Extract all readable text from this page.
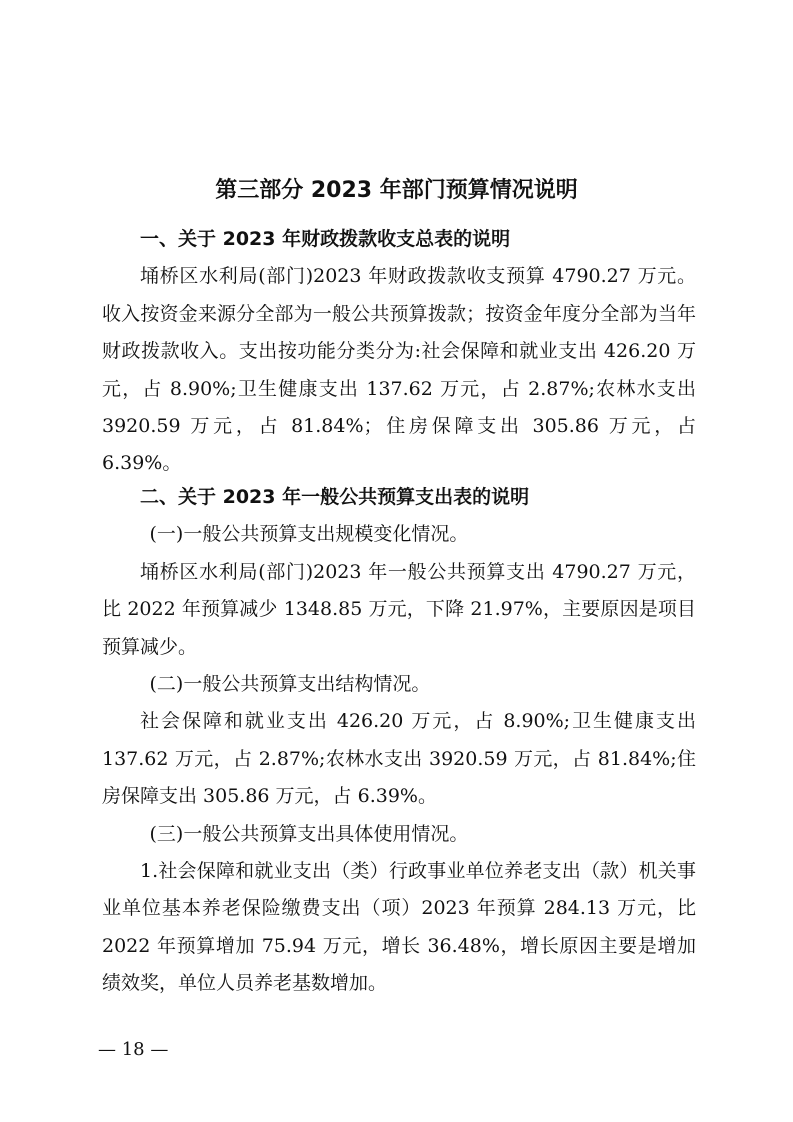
第三部分 2023 年部门预算情况说明

一、关于 2023 年财政拨款收支总表的说明

埇桥区水利局(部门)2023 年财政拨款收支预算 4790.27 万元。收入按资金来源分全部为一般公共预算拨款；按资金年度分全部为当年财政拨款收入。支出按功能分类分为:社会保障和就业支出 426.20 万元，占 8.90%;卫生健康支出 137.62 万元，占 2.87%;农林水支出 3920.59 万元，占 81.84%；住房保障支出 305.86 万元，占 6.39%。

二、关于 2023 年一般公共预算支出表的说明

(一)一般公共预算支出规模变化情况。

埇桥区水利局(部门)2023 年一般公共预算支出 4790.27 万元，比 2022 年预算减少 1348.85 万元，下降 21.97%，主要原因是项目预算减少。

(二)一般公共预算支出结构情况。

社会保障和就业支出 426.20 万元，占 8.90%;卫生健康支出 137.62 万元，占 2.87%;农林水支出 3920.59 万元，占 81.84%;住房保障支出 305.86 万元，占 6.39%。

(三)一般公共预算支出具体使用情况。

1.社会保障和就业支出（类）行政事业单位养老支出（款）机关事业单位基本养老保险缴费支出（项）2023 年预算 284.13 万元，比 2022 年预算增加 75.94 万元，增长 36.48%，增长原因主要是增加绩效奖，单位人员养老基数增加。

— 18 —
